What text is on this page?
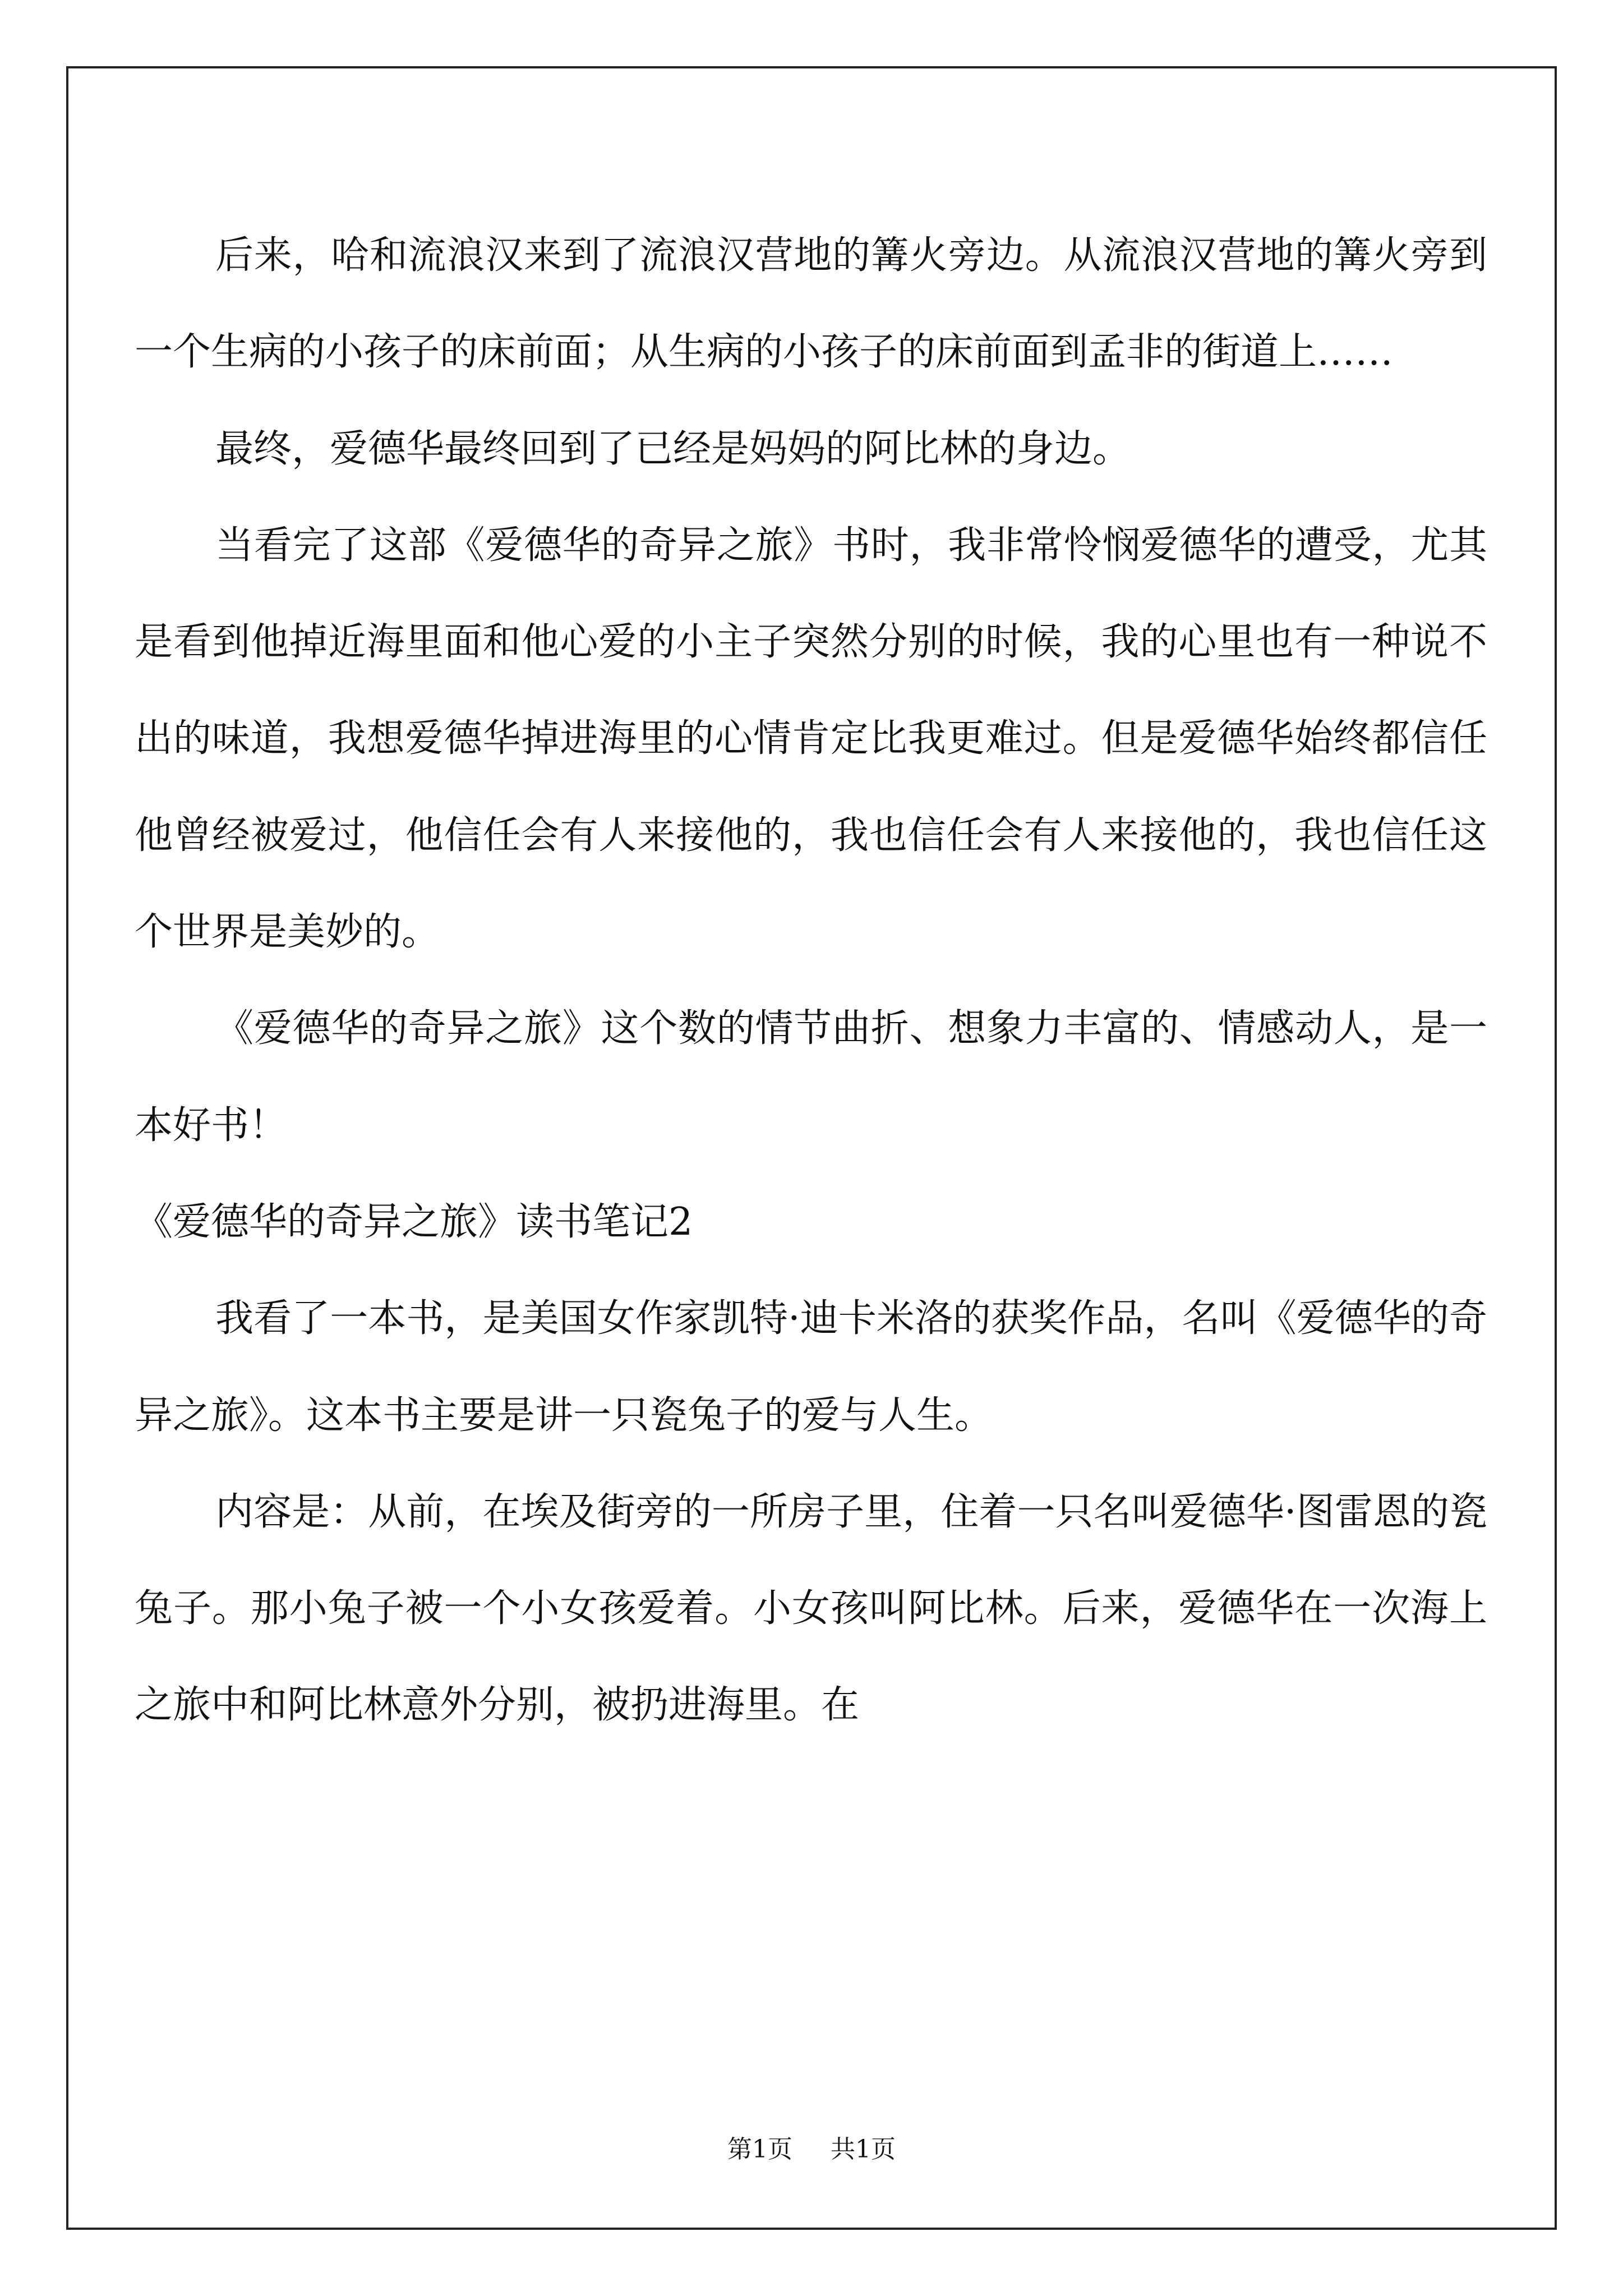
后来，哈和流浪汉来到了流浪汉营地的篝火旁边。从流浪汉营地的篝火旁到一个生病的小孩子的床前面；从生病的小孩子的床前面到孟非的街道上……

最终，爱德华最终回到了已经是妈妈的阿比林的身边。

当看完了这部《爱德华的奇异之旅》书时，我非常怜悯爱德华的遭受，尤其是看到他掉近海里面和他心爱的小主子突然分别的时候，我的心里也有一种说不出的味道，我想爱德华掉进海里的心情肯定比我更难过。但是爱德华始终都信任他曾经被爱过，他信任会有人来接他的，我也信任会有人来接他的，我也信任这个世界是美妙的。

《爱德华的奇异之旅》这个数的情节曲折、想象力丰富的、情感动人，是一本好书！

《爱德华的奇异之旅》读书笔记2

我看了一本书，是美国女作家凯特·迪卡米洛的获奖作品，名叫《爱德华的奇异之旅》。这本书主要是讲一只瓷兔子的爱与人生。

内容是：从前，在埃及街旁的一所房子里，住着一只名叫爱德华·图雷恩的瓷兔子。那小兔子被一个小女孩爱着。小女孩叫阿比林。后来，爱德华在一次海上之旅中和阿比林意外分别，被扔进海里。在

第1页 共1页
